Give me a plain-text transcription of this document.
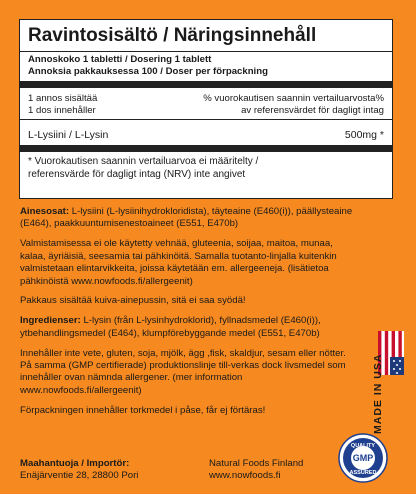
Ravintosisältö / Näringsinnehåll
Annoskoko 1 tabletti / Dosering 1 tablett
Annoksia pakkauksessa 100 / Doser per förpackning
1 annos sisältää
1 dos innehåller
% vuorokautisen saannin vertailuarvosta%
av referensvärdet för dagligt intag
L-Lysiini / L-Lysin	500mg *
* Vuorokautisen saannin vertailuarvoa ei määritelty /
referensvärde för dagligt intag (NRV) inte angivet

Ainesosat: L-lysiini (L-lysiinihydrokloridista), täyteaine (E460(i)), päällysteaine (E464), paakkuuntumisenestoaineet (E551, E470b)

Valmistamisessa ei ole käytetty vehnää, gluteenia, soijaa, maitoa, munaa, kalaa, äyriäisiä, seesamia tai pähkinöitä. Samalla tuotanto-linjalla kuitenkin valmistetaan elintarvikkeita, joissa käytetään em. allergeeneja. (lisätietoa pähkinöistä www.nowfoods.fi/allergeenit)

Pakkaus sisältää kuiva-ainepussin, sitä ei saa syödä!

Ingredienser: L-lysin (från L-lysinhydroklorid), fyllnadsmedel (E460(i)), ytbehandlingsmedel (E464), klumpförebyggande medel (E551, E470b)

Innehåller inte vete, gluten, soja, mjölk, ägg ,fisk, skaldjur, sesam eller nötter. På samma (GMP certifierade) produktionslinje till-verkas dock livsmedel som innehåller ovan nämnda allergener. (mer information www.nowfoods.fi/allergeenit)

Förpackningen innehåller torkmedel i påse, får ej förtäras!	MADE IN USA
QUALITY
GMP
ASSURED
Maahantuoja / Importör:
Enäjärventie 28, 28800 Pori
Natural Foods Finland
www.nowfoods.fi
